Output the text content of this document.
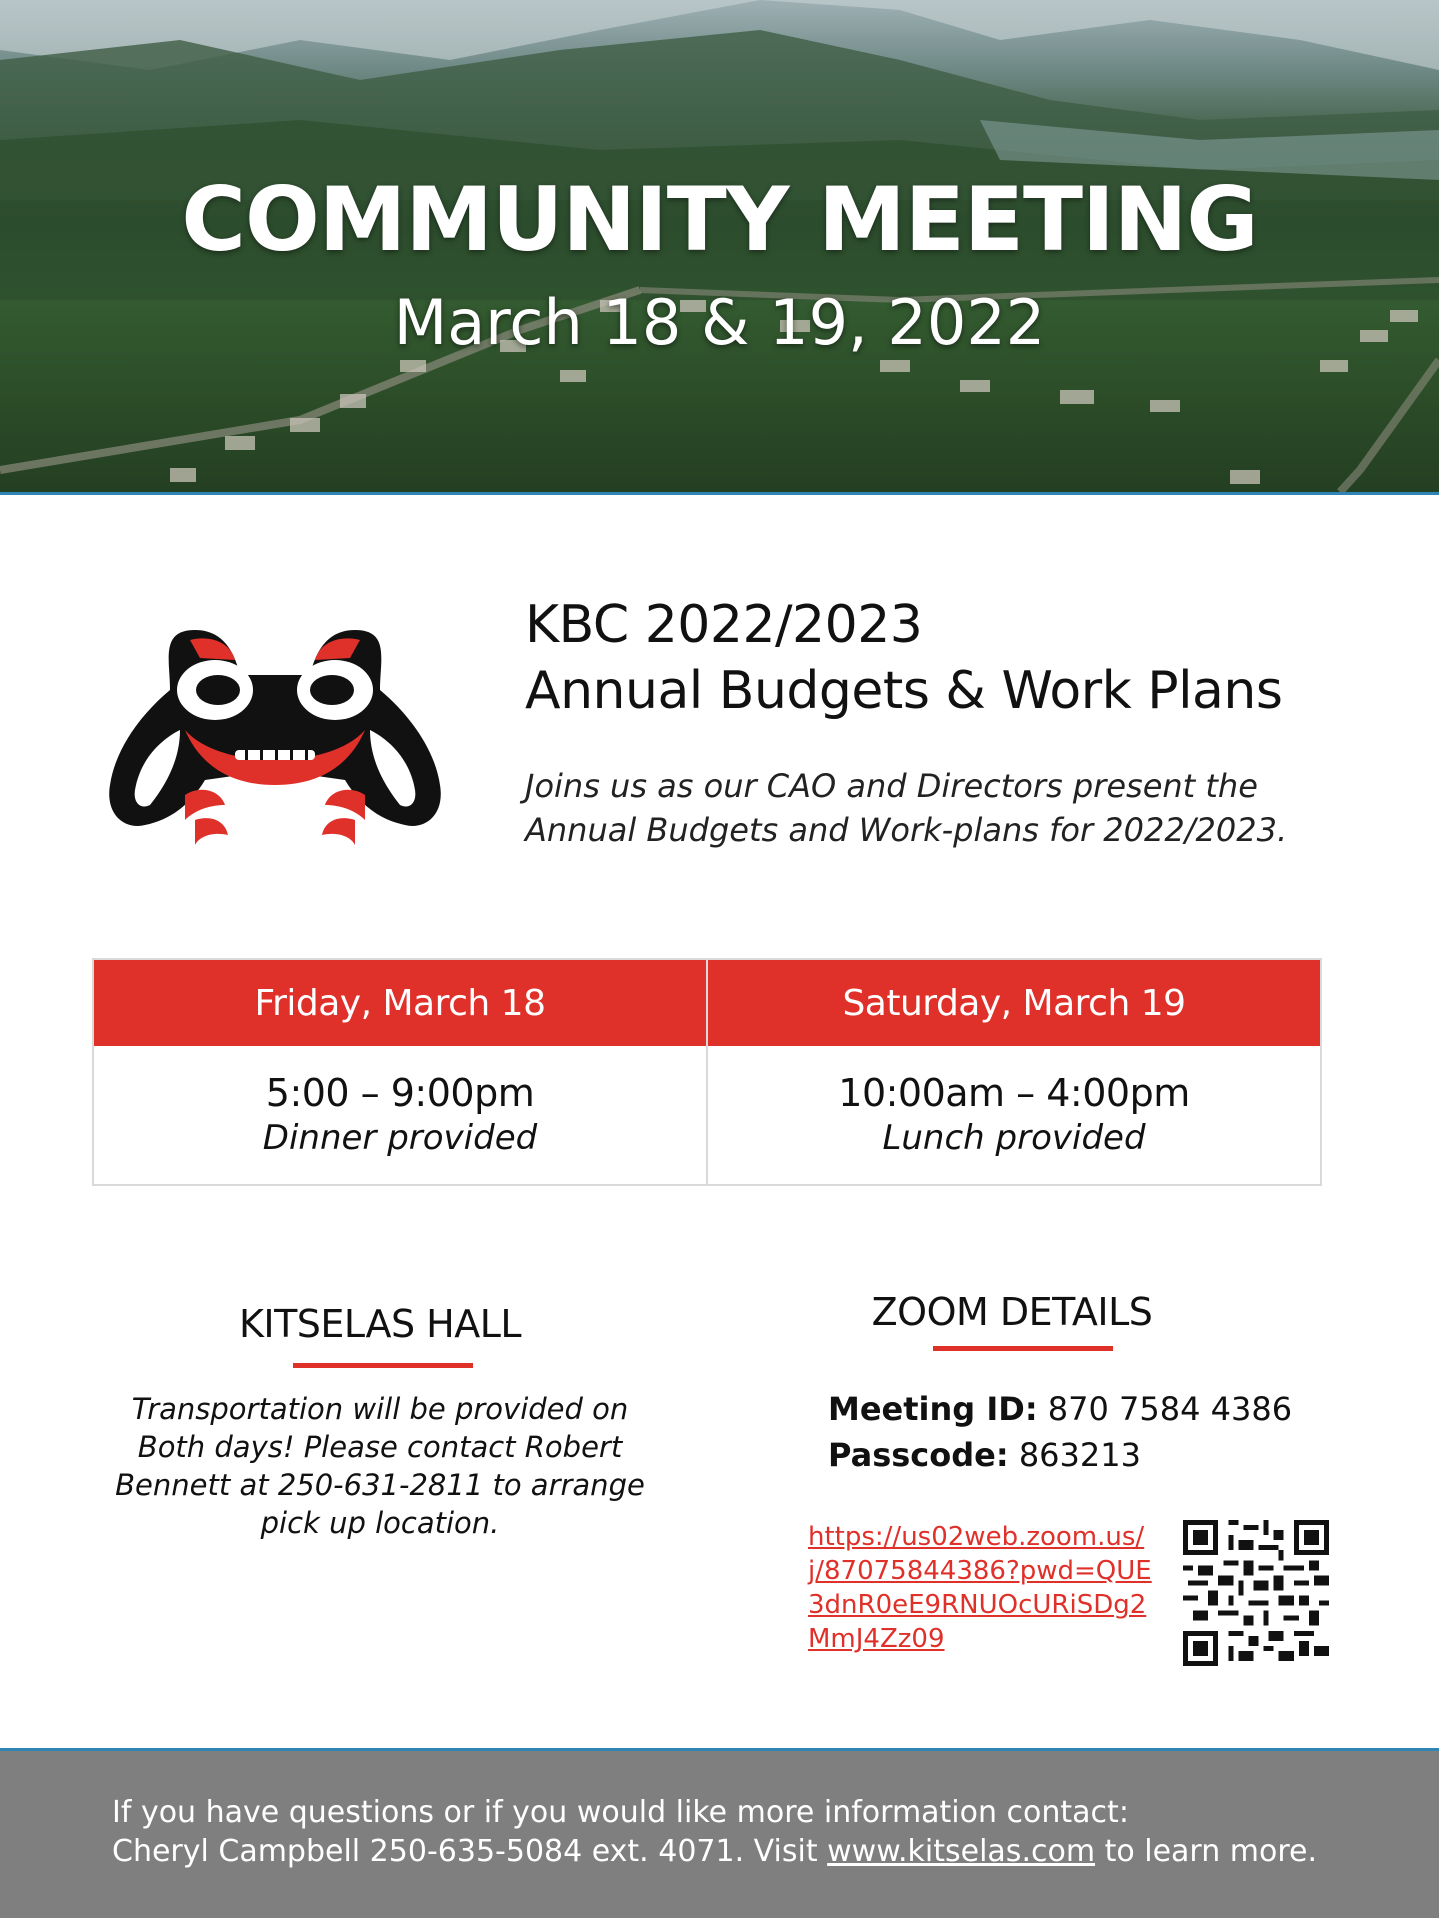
COMMUNITY MEETING
March 18 & 19, 2022
KBC 2022/2023
Annual Budgets & Work Plans
Joins us as our CAO and Directors present the
Annual Budgets and Work-plans for 2022/2023.
Friday, March 18
5:00 – 9:00pm
Dinner provided
Saturday, March 19
10:00am – 4:00pm
Lunch provided
KITSELAS HALL
Transportation will be provided on Both days! Please contact Robert Bennett at 250-631-2811 to arrange pick up location.
ZOOM DETAILS
Meeting ID: 870 7584 4386
Passcode: 863213
https://us02web.zoom.us/j/87075844386?pwd=QUE3dnR0eE9RNUOcURiSDg2MmJ4Zz09
If you have questions or if you would like more information contact:
Cheryl Campbell 250-635-5084 ext. 4071. Visit www.kitselas.com to learn more.
